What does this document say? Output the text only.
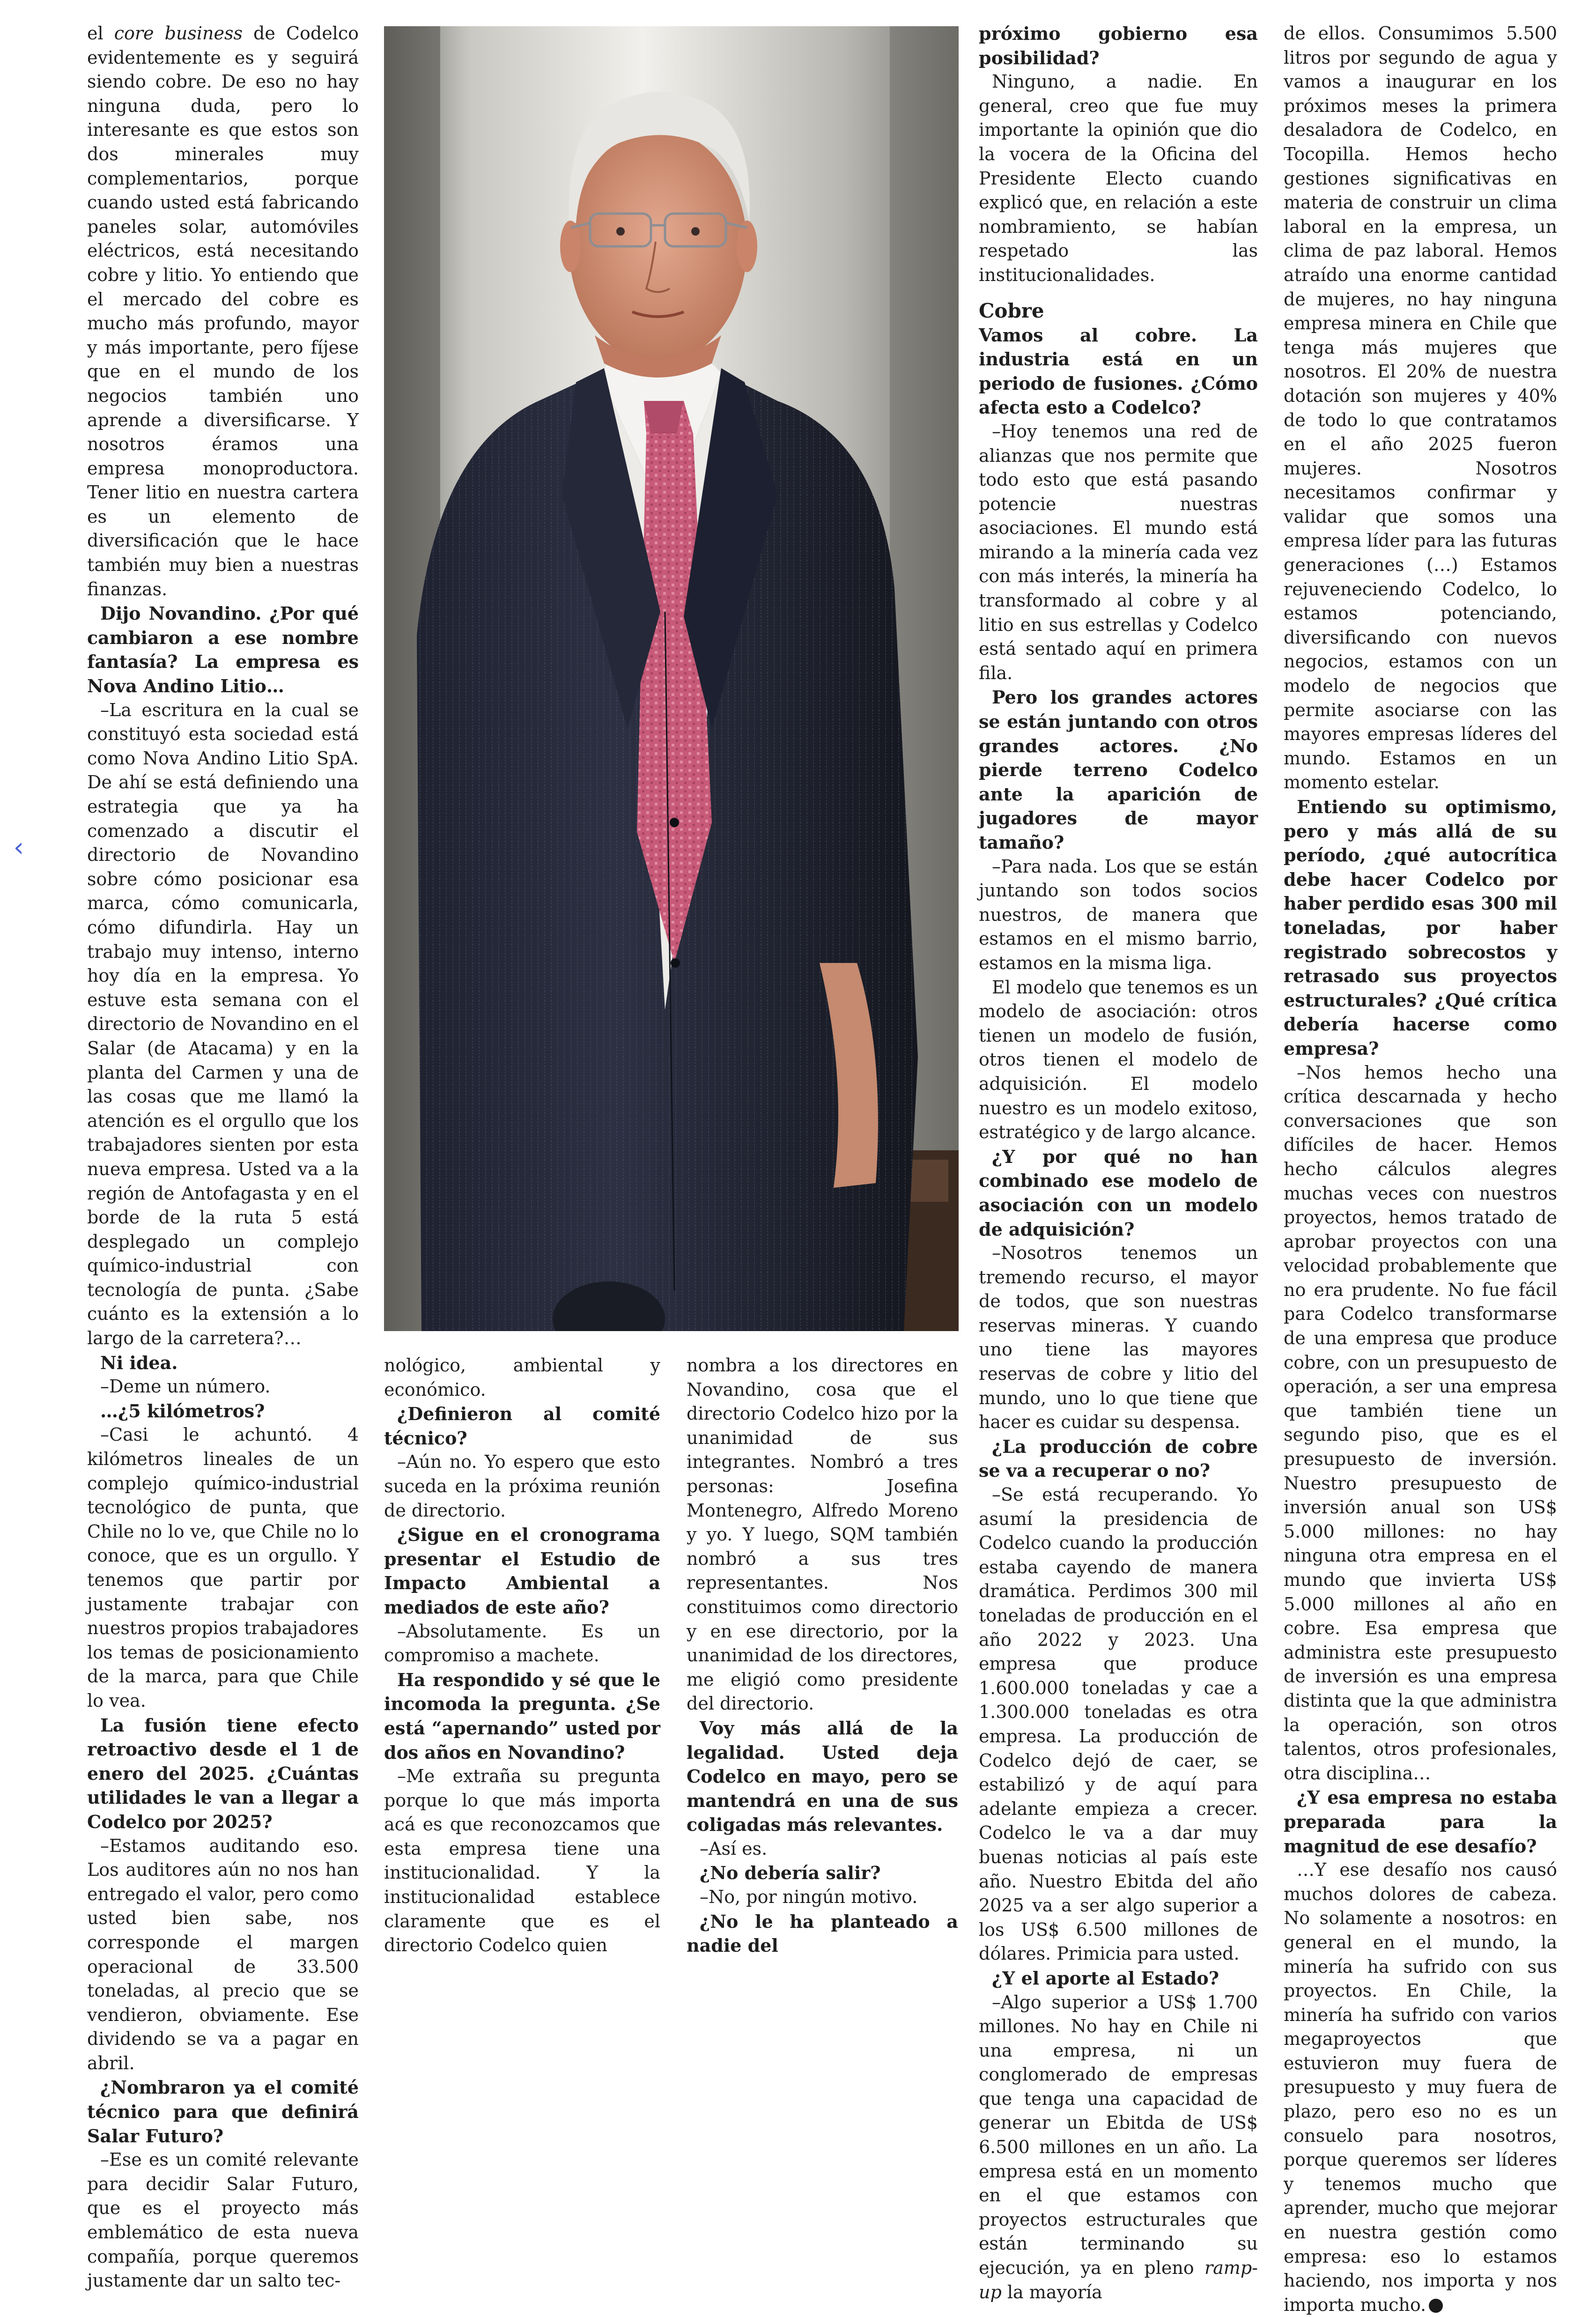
‹

el core business de Codelco evidentemente es y seguirá siendo cobre. De eso no hay ninguna duda, pero lo interesante es que estos son dos minerales muy complementarios, porque cuando usted está fabricando paneles solar, automóviles eléctricos, está necesitando cobre y litio. Yo entiendo que el mercado del cobre es mucho más profundo, mayor y más importante, pero fíjese que en el mundo de los negocios también uno aprende a diversificarse. Y nosotros éramos una empresa monoproductora. Tener litio en nuestra cartera es un elemento de diversificación que le hace también muy bien a nuestras finanzas.

Dijo Novandino. ¿Por qué cambiaron a ese nombre fantasía? La empresa es Nova Andino Litio…

–La escritura en la cual se constituyó esta sociedad está como Nova Andino Litio SpA. De ahí se está definiendo una estrategia que ya ha comenzado a discutir el directorio de Novandino sobre cómo posicionar esa marca, cómo comunicarla, cómo difundirla. Hay un trabajo muy intenso, interno hoy día en la empresa. Yo estuve esta semana con el directorio de Novandino en el Salar (de Atacama) y en la planta del Carmen y una de las cosas que me llamó la atención es el orgullo que los trabajadores sienten por esta nueva empresa. Usted va a la región de Antofagasta y en el borde de la ruta 5 está desplegado un complejo químico-industrial con tecnología de punta. ¿Sabe cuánto es la extensión a lo largo de la carretera?…

Ni idea.

–Deme un número.

…¿5 kilómetros?

–Casi le achuntó. 4 kilómetros lineales de un complejo químico-industrial tecnológico de punta, que Chile no lo ve, que Chile no lo conoce, que es un orgullo. Y tenemos que partir por justamente trabajar con nuestros propios trabajadores los temas de posicionamiento de la marca, para que Chile lo vea.

La fusión tiene efecto retroactivo desde el 1 de enero del 2025. ¿Cuántas utilidades le van a llegar a Codelco por 2025?

–Estamos auditando eso. Los auditores aún no nos han entregado el valor, pero como usted bien sabe, nos corresponde el margen operacional de 33.500 toneladas, al precio que se vendieron, obviamente. Ese dividendo se va a pagar en abril.

¿Nombraron ya el comité técnico para que definirá Salar Futuro?

–Ese es un comité relevante para decidir Salar Futuro, que es el proyecto más emblemático de esta nueva compañía, porque queremos justamente dar un salto tec-

nológico, ambiental y económico.

¿Definieron al comité técnico?

–Aún no. Yo espero que esto suceda en la próxima reunión de directorio.

¿Sigue en el cronograma presentar el Estudio de Impacto Ambiental a mediados de este año?

–Absolutamente. Es un compromiso a machete.

Ha respondido y sé que le incomoda la pregunta. ¿Se está “apernando” usted por dos años en Novandino?

–Me extraña su pregunta porque lo que más importa acá es que reconozcamos que esta empresa tiene una institucionalidad. Y la institucionalidad establece claramente que es el directorio Codelco quien

nombra a los directores en Novandino, cosa que el directorio Codelco hizo por la unanimidad de sus integrantes. Nombró a tres personas: Josefina Montenegro, Alfredo Moreno y yo. Y luego, SQM también nombró a sus tres representantes. Nos constituimos como directorio y en ese directorio, por la unanimidad de los directores, me eligió como presidente del directorio.

Voy más allá de la legalidad. Usted deja Codelco en mayo, pero se mantendrá en una de sus coligadas más relevantes.

–Así es.

¿No debería salir?

–No, por ningún motivo.

¿No le ha planteado a nadie del

próximo gobierno esa posibilidad?

Ninguno, a nadie. En general, creo que fue muy importante la opinión que dio la vocera de la Oficina del Presidente Electo cuando explicó que, en relación a este nombramiento, se habían respetado las institucionalidades.

Cobre

Vamos al cobre. La industria está en un periodo de fusiones. ¿Cómo afecta esto a Codelco?

–Hoy tenemos una red de alianzas que nos permite que todo esto que está pasando potencie nuestras asociaciones. El mundo está mirando a la minería cada vez con más interés, la minería ha transformado al cobre y al litio en sus estrellas y Codelco está sentado aquí en primera fila.

Pero los grandes actores se están juntando con otros grandes actores. ¿No pierde terreno Codelco ante la aparición de jugadores de mayor tamaño?

–Para nada. Los que se están juntando son todos socios nuestros, de manera que estamos en el mismo barrio, estamos en la misma liga.

El modelo que tenemos es un modelo de asociación: otros tienen un modelo de fusión, otros tienen el modelo de adquisición. El modelo nuestro es un modelo exitoso, estratégico y de largo alcance.

¿Y por qué no han combinado ese modelo de asociación con un modelo de adquisición?

–Nosotros tenemos un tremendo recurso, el mayor de todos, que son nuestras reservas mineras. Y cuando uno tiene las mayores reservas de cobre y litio del mundo, uno lo que tiene que hacer es cuidar su despensa.

¿La producción de cobre se va a recuperar o no?

–Se está recuperando. Yo asumí la presidencia de Codelco cuando la producción estaba cayendo de manera dramática. Perdimos 300 mil toneladas de producción en el año 2022 y 2023. Una empresa que produce 1.600.000 toneladas y cae a 1.300.000 toneladas es otra empresa. La producción de Codelco dejó de caer, se estabilizó y de aquí para adelante empieza a crecer. Codelco le va a dar muy buenas noticias al país este año. Nuestro Ebitda del año 2025 va a ser algo superior a los US$ 6.500 millones de dólares. Primicia para usted.

¿Y el aporte al Estado?

–Algo superior a US$ 1.700 millones. No hay en Chile ni una empresa, ni un conglomerado de empresas que tenga una capacidad de generar un Ebitda de US$ 6.500 millones en un año. La empresa está en un momento en el que estamos con proyectos estructurales que están terminando su ejecución, ya en pleno ramp-up la mayoría

de ellos. Consumimos 5.500 litros por segundo de agua y vamos a inaugurar en los próximos meses la primera desaladora de Codelco, en Tocopilla. Hemos hecho gestiones significativas en materia de construir un clima laboral en la empresa, un clima de paz laboral. Hemos atraído una enorme cantidad de mujeres, no hay ninguna empresa minera en Chile que tenga más mujeres que nosotros. El 20% de nuestra dotación son mujeres y 40% de todo lo que contratamos en el año 2025 fueron mujeres. Nosotros necesitamos confirmar y validar que somos una empresa líder para las futuras generaciones (…) Estamos rejuveneciendo Codelco, lo estamos potenciando, diversificando con nuevos negocios, estamos con un modelo de negocios que permite asociarse con las mayores empresas líderes del mundo. Estamos en un momento estelar.

Entiendo su optimismo, pero y más allá de su período, ¿qué autocrítica debe hacer Codelco por haber perdido esas 300 mil toneladas, por haber registrado sobrecostos y retrasado sus proyectos estructurales? ¿Qué crítica debería hacerse como empresa?

–Nos hemos hecho una crítica descarnada y hecho conversaciones que son difíciles de hacer. Hemos hecho cálculos alegres muchas veces con nuestros proyectos, hemos tratado de aprobar proyectos con una velocidad probablemente que no era prudente. No fue fácil para Codelco transformarse de una empresa que produce cobre, con un presupuesto de operación, a ser una empresa que también tiene un segundo piso, que es el presupuesto de inversión. Nuestro presupuesto de inversión anual son US$ 5.000 millones: no hay ninguna otra empresa en el mundo que invierta US$ 5.000 millones al año en cobre. Esa empresa que administra este presupuesto de inversión es una empresa distinta que la que administra la operación, son otros talentos, otros profesionales, otra disciplina…

¿Y esa empresa no estaba preparada para la magnitud de ese desafío?

…Y ese desafío nos causó muchos dolores de cabeza. No solamente a nosotros: en general en el mundo, la minería ha sufrido con sus proyectos. En Chile, la minería ha sufrido con varios megaproyectos que estuvieron muy fuera de presupuesto y muy fuera de plazo, pero eso no es un consuelo para nosotros, porque queremos ser líderes y tenemos mucho que aprender, mucho que mejorar en nuestra gestión como empresa: eso lo estamos haciendo, nos importa y nos importa mucho.
